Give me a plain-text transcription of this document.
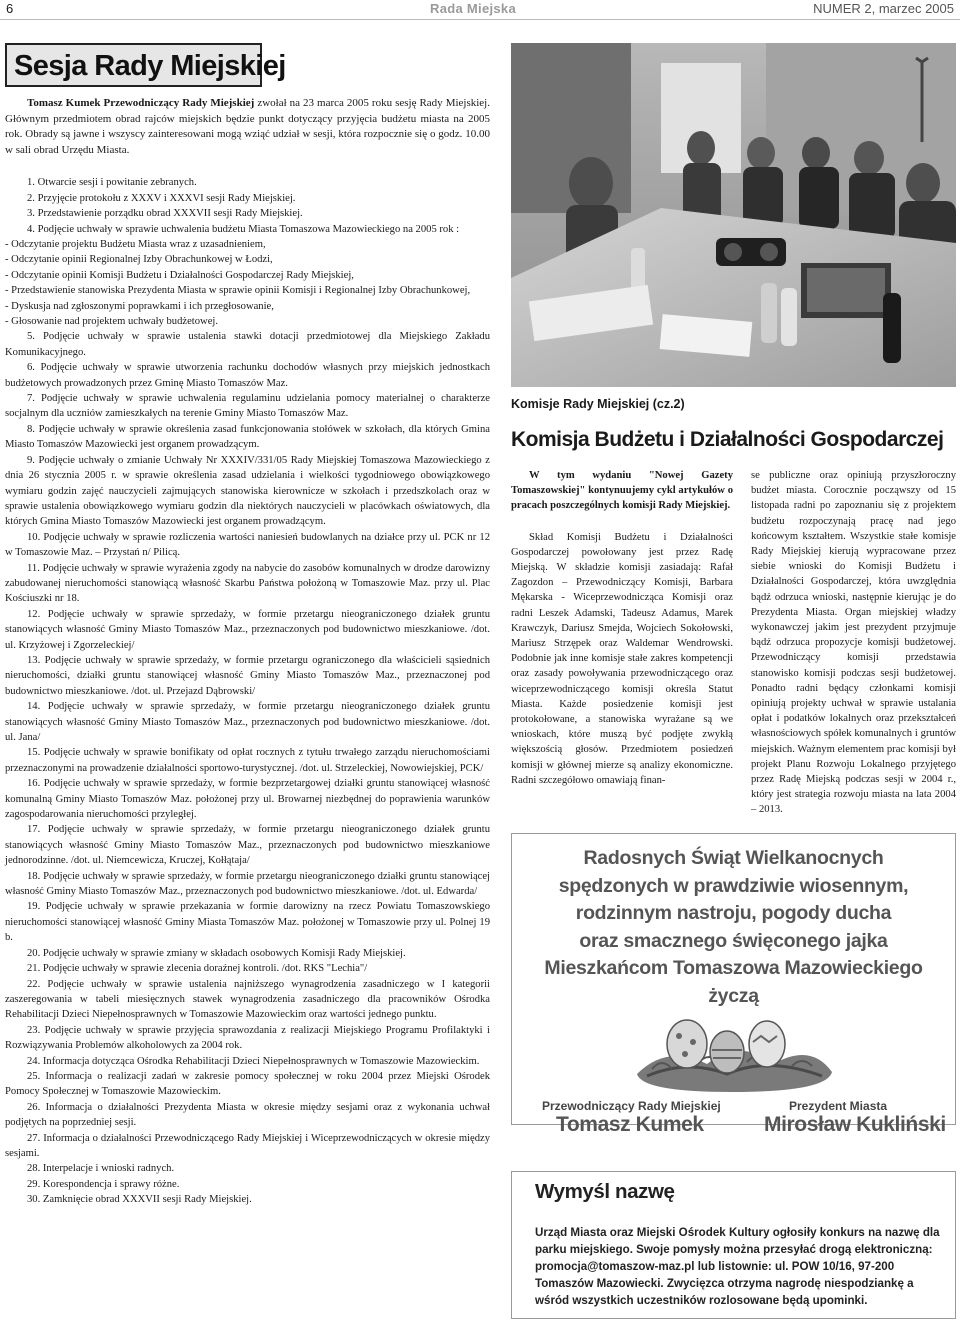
6	Rada Miejska	NUMER 2, marzec 2005
Sesja Rady Miejskiej

Tomasz Kumek Przewodniczący Rady Miejskiej zwołał na 23 marca 2005 roku sesję Rady Miejskiej. Głównym przedmiotem obrad rajców miejskich będzie punkt dotyczący przyjęcia budżetu miasta na 2005 rok. Obrady są jawne i wszyscy zainteresowani mogą wziąć udział w sesji, która rozpocznie się o godz. 10.00 w sali obrad Urzędu Miasta.

1. Otwarcie sesji i powitanie zebranych.

2. Przyjęcie protokołu z XXXV i XXXVI sesji Rady Miejskiej.

3. Przedstawienie porządku obrad XXXVII sesji Rady Miejskiej.

4. Podjęcie uchwały w sprawie uchwalenia budżetu Miasta Tomaszowa Mazowieckiego na 2005 rok :

- Odczytanie projektu Budżetu Miasta wraz z uzasadnieniem,

- Odczytanie opinii Regionalnej Izby Obrachunkowej w Łodzi,

- Odczytanie opinii Komisji Budżetu i Działalności Gospodarczej Rady Miejskiej,

- Przedstawienie stanowiska Prezydenta Miasta w sprawie opinii Komisji i Regionalnej Izby Obrachunkowej,

- Dyskusja nad zgłoszonymi poprawkami i ich przegłosowanie,

- Głosowanie nad projektem uchwały budżetowej.

5. Podjęcie uchwały w sprawie ustalenia stawki dotacji przedmiotowej dla Miejskiego Zakładu Komunikacyjnego.

6. Podjęcie uchwały w sprawie utworzenia rachunku dochodów własnych przy miejskich jednostkach budżetowych prowadzonych przez Gminę Miasto Tomaszów Maz.

7. Podjęcie uchwały w sprawie uchwalenia regulaminu udzielania pomocy materialnej o charakterze socjalnym dla uczniów zamieszkałych na terenie Gminy Miasto Tomaszów Maz.

8. Podjęcie uchwały w sprawie określenia zasad funkcjonowania stołówek w szkołach, dla których Gmina Miasto Tomaszów Mazowiecki jest organem prowadzącym.

9. Podjęcie uchwały o zmianie Uchwały Nr XXXIV/331/05 Rady Miejskiej Tomaszowa Mazowieckiego z dnia 26 stycznia 2005 r. w sprawie określenia zasad udzielania i wielkości tygodniowego obowiązkowego wymiaru godzin zajęć nauczycieli zajmujących stanowiska kierownicze w szkołach i przedszkolach oraz w sprawie ustalenia obowiązkowego wymiaru godzin dla niektórych nauczycieli w placówkach oświatowych, dla których Gmina Miasto Tomaszów Mazowiecki jest organem prowadzącym.

10. Podjęcie uchwały w sprawie rozliczenia wartości naniesień budowlanych na działce przy ul. PCK nr 12 w Tomaszowie Maz. – Przystań n/ Pilicą.

11. Podjęcie uchwały w sprawie wyrażenia zgody na nabycie do zasobów komunalnych w drodze darowizny zabudowanej nieruchomości stanowiącą własność Skarbu Państwa położoną w Tomaszowie Maz. przy ul. Plac Kościuszki nr 18.

12. Podjęcie uchwały w sprawie sprzedaży, w formie przetargu nieograniczonego działek gruntu stanowiących własność Gminy Miasto Tomaszów Maz., przeznaczonych pod budownictwo mieszkaniowe. /dot. ul. Krzyżowej i Zgorzeleckiej/

13. Podjęcie uchwały w sprawie sprzedaży, w formie przetargu ograniczonego dla właścicieli sąsiednich nieruchomości, działki gruntu stanowiącej własność Gminy Miasto Tomaszów Maz., przeznaczonej pod budownictwo mieszkaniowe. /dot. ul. Przejazd Dąbrowski/

14. Podjęcie uchwały w sprawie sprzedaży, w formie przetargu nieograniczonego działek gruntu stanowiących własność Gminy Miasto Tomaszów Maz., przeznaczonych pod budownictwo mieszkaniowe. /dot. ul. Jana/

15. Podjęcie uchwały w sprawie bonifikaty od opłat rocznych z tytułu trwałego zarządu nieruchomościami przeznaczonymi na prowadzenie działalności sportowo-turystycznej. /dot. ul. Strzeleckiej, Nowowiejskiej, PCK/

16. Podjęcie uchwały w sprawie sprzedaży, w formie bezprzetargowej działki gruntu stanowiącej własność komunalną Gminy Miasto Tomaszów Maz. położonej przy ul. Browarnej niezbędnej do poprawienia warunków zagospodarowania nieruchomości przyległej.

17. Podjęcie uchwały w sprawie sprzedaży, w formie przetargu nieograniczonego działek gruntu stanowiących własność Gminy Miasto Tomaszów Maz., przeznaczonych pod budownictwo mieszkaniowe jednorodzinne. /dot. ul. Niemcewicza, Kruczej, Kołłątaja/

18. Podjęcie uchwały w sprawie sprzedaży, w formie przetargu nieograniczonego działki gruntu stanowiącej własność Gminy Miasto Tomaszów Maz., przeznaczonych pod budownictwo mieszkaniowe. /dot. ul. Edwarda/

19. Podjęcie uchwały w sprawie przekazania w formie darowizny na rzecz Powiatu Tomaszowskiego nieruchomości stanowiącej własność Gminy Miasta Tomaszów Maz. położonej w Tomaszowie przy ul. Polnej 19 b.

20. Podjęcie uchwały w sprawie zmiany w składach osobowych Komisji Rady Miejskiej.

21. Podjęcie uchwały w sprawie zlecenia doraźnej kontroli. /dot. RKS "Lechia"/

22. Podjęcie uchwały w sprawie ustalenia najniższego wynagrodzenia zasadniczego w I kategorii zaszeregowania w tabeli miesięcznych stawek wynagrodzenia zasadniczego dla pracowników Ośrodka Rehabilitacji Dzieci Niepełnosprawnych w Tomaszowie Mazowieckim oraz wartości jednego punktu.

23. Podjęcie uchwały w sprawie przyjęcia sprawozdania z realizacji Miejskiego Programu Profilaktyki i Rozwiązywania Problemów alkoholowych za 2004 rok.

24. Informacja dotycząca Ośrodka Rehabilitacji Dzieci Niepełnosprawnych w Tomaszowie Mazowieckim.

25. Informacja o realizacji zadań w zakresie pomocy społecznej w roku 2004 przez Miejski Ośrodek Pomocy Społecznej w Tomaszowie Mazowieckim.

26. Informacja o działalności Prezydenta Miasta w okresie między sesjami oraz z wykonania uchwał podjętych na poprzedniej sesji.

27. Informacja o działalności Przewodniczącego Rady Miejskiej i Wiceprzewodniczących w okresie między sesjami.

28. Interpelacje i wnioski radnych.

29. Korespondencja i sprawy różne.

30. Zamknięcie obrad XXXVII sesji Rady Miejskiej.

Komisje Rady Miejskiej (cz.2)
Komisja Budżetu i Działalności Gospodarczej

W tym wydaniu "Nowej Gazety Tomaszowskiej" kontynuujemy cykl artykułów o pracach poszczególnych komisji Rady Miejskiej.

Skład Komisji Budżetu i Działalności Gospodarczej powołowany jest przez Radę Miejską. W składzie komisji zasiadają: Rafał Zagozdon – Przewodniczący Komisji, Barbara Mękarska - Wiceprzewodnicząca Komisji oraz radni Leszek Adamski, Tadeusz Adamus, Marek Krawczyk, Dariusz Smejda, Wojciech Sokołowski, Mariusz Strzępek oraz Waldemar Wendrowski. Podobnie jak inne komisje stałe zakres kompetencji oraz zasady powoływania przewodniczącego oraz wiceprzewodniczącego komisji określa Statut Miasta. Każde posiedzenie komisji jest protokołowane, a stanowiska wyrażane są we wnioskach, które muszą być podjęte zwykłą większością głosów. Przedmiotem posiedzeń komisji w głównej mierze są analizy ekonomiczne. Radni szczegółowo omawiają finan-

se publiczne oraz opiniują przyszłoroczny budżet miasta. Corocznie począwszy od 15 listopada radni po zapoznaniu się z projektem budżetu rozpoczynają pracę nad jego końcowym kształtem. Wszystkie stałe komisje Rady Miejskiej kierują wypracowane przez siebie wnioski do Komisji Budżetu i Działalności Gospodarczej, która uwzględnia bądź odrzuca wnioski, następnie kierując je do Prezydenta Miasta. Organ miejskiej władzy wykonawczej jakim jest prezydent przyjmuje bądź odrzuca propozycje komisji budżetowej. Przewodniczący komisji przedstawia stanowisko komisji podczas sesji budżetowej. Ponadto radni będący członkami komisji opiniują projekty uchwał w sprawie ustalania opłat i podatków lokalnych oraz przekształceń własnościowych spółek komunalnych i gruntów miejskich. Ważnym elementem prac komisji był projekt Planu Rozwoju Lokalnego przyjętego przez Radę Miejską podczas sesji w 2004 r., który jest strategia rozwoju miasta na lata 2004 – 2013.

Radosnych Świąt Wielkanocnych
spędzonych w prawdziwie wiosennym,
rodzinnym nastroju, pogody ducha
oraz smacznego święconego jajka
Mieszkańcom Tomaszowa Mazowieckiego
życzą
Przewodniczący Rady Miejskiej
Tomasz Kumek
Prezydent Miasta
Mirosław Kukliński
Wymyśl nazwę
Urząd Miasta oraz Miejski Ośrodek Kultury ogłosiły konkurs na nazwę dla parku miejskiego. Swoje pomysły można przesyłać drogą elektroniczną: promocja@tomaszow-maz.pl lub listownie: ul. POW 10/16, 97-200 Tomaszów Mazowiecki. Zwycięzca otrzyma nagrodę niespodziankę a wśród wszystkich uczestników rozlosowane będą upominki.
